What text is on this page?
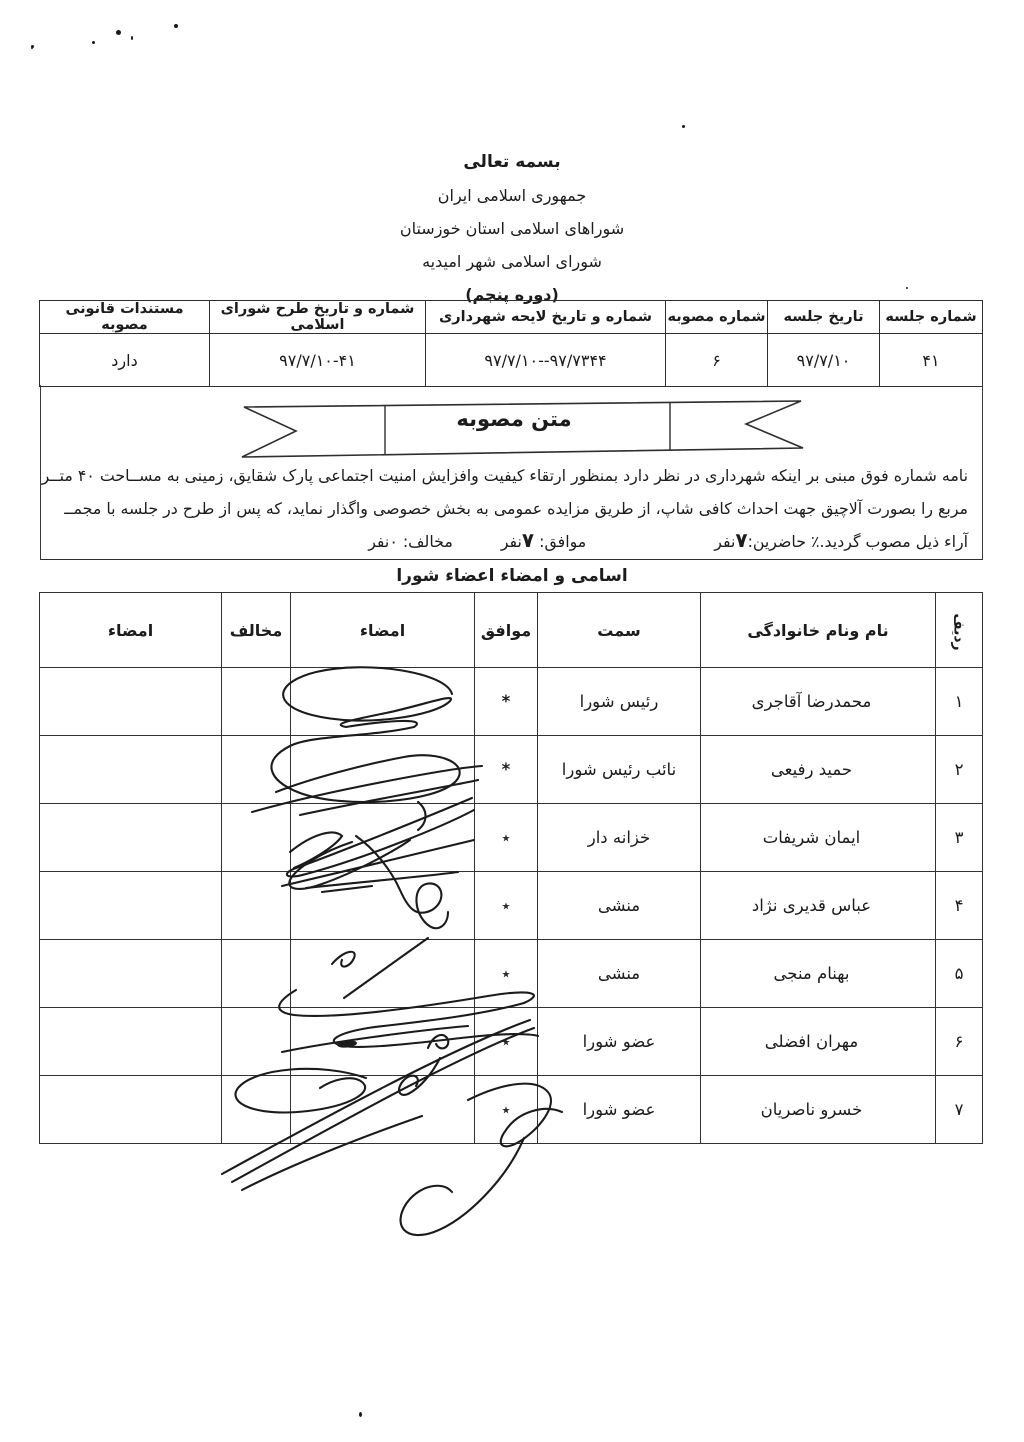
بسمه تعالی
جمهوری اسلامی ایران
شوراهای اسلامی استان خوزستان
شورای اسلامی شهر امیدیه
(دوره پنجم)
شماره جلسه	تاریخ جلسه	شماره مصوبه	شماره و تاریخ لایحه شهرداری	شماره و تاریخ طرح شورای اسلامی	مستندات قانونی مصوبه
۴۱	۹۷/۷/۱۰	۶	۹۷/۷/۱۰--۹۷/۷۳۴۴	۹۷/۷/۱۰-۴۱	دارد
متن مصوبه
نامه شماره فوق مبنی بر اینکه شهرداری در نظر دارد بمنظور ارتقاء کیفیت وافزایش امنیت اجتماعی پارک شقایق، زمینی به مســاحت ۴۰ متــر
مربع را بصورت آلاچیق جهت احداث کافی شاپ، از طریق مزایده عمومی به بخش خصوصی واگذار نماید، که پس از طرح در جلسه با مجمــ
آراء ذیل مصوب گردید.٪ حاضرین:۷نفر
موافق: ۷نفر
مخالف: ۰نفر
اسامی و امضاء اعضاء شورا
ردیف	نام ونام خانوادگی	سمت	موافق	امضاء	مخالف	امضاء
۱	محمدرضا آقاجری	رئیس شورا	*			
۲	حمید رفیعی	نائب رئیس شورا	*			
۳	ایمان شریفات	خزانه دار	٭			
۴	عباس قدیری نژاد	منشی	٭			
۵	بهنام منجی	منشی	٭			
۶	مهران افضلی	عضو شورا	٭			
۷	خسرو ناصریان	عضو شورا	٭			
